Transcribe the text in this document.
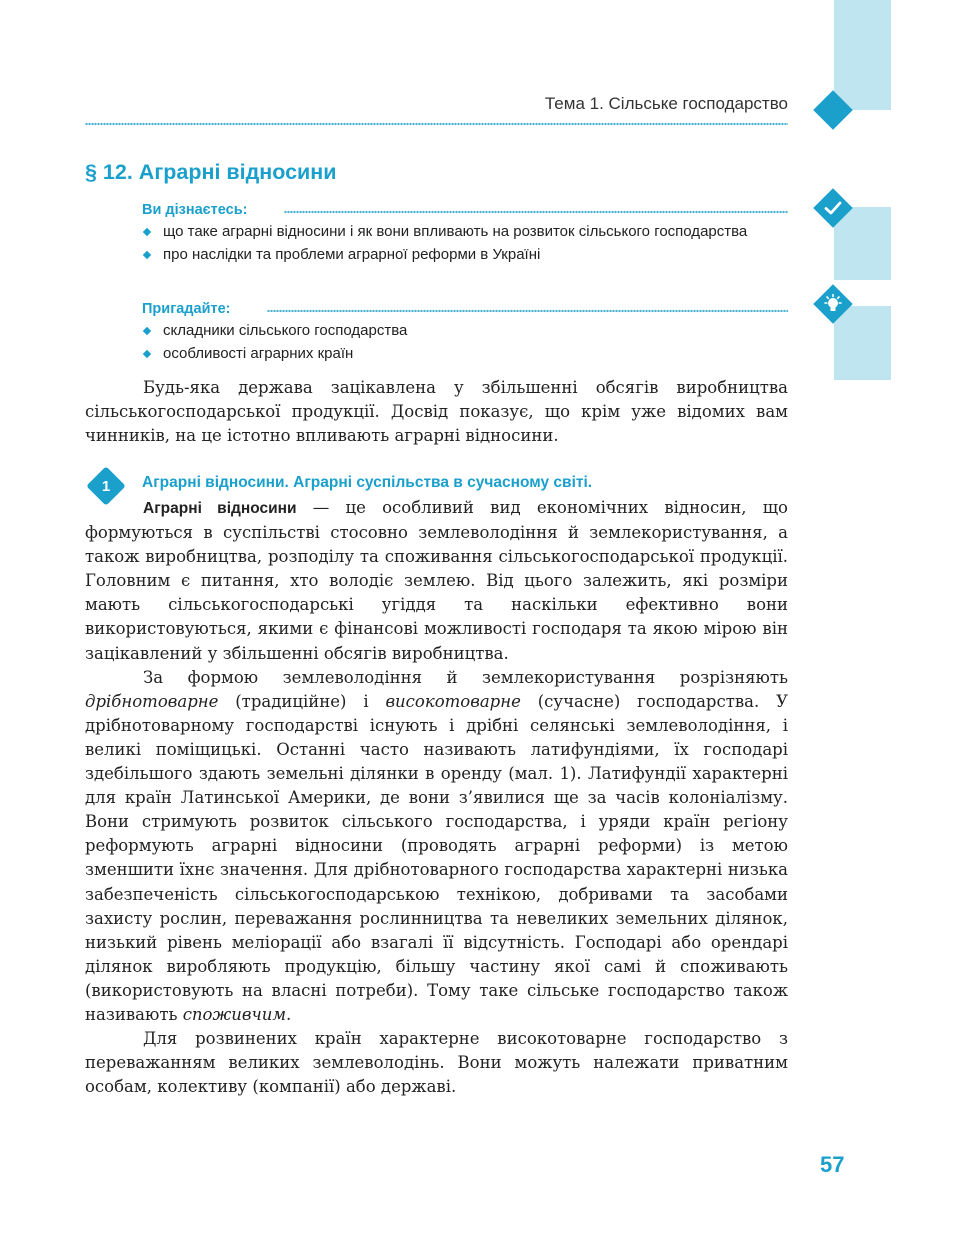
Тема 1. Сільське господарство
§ 12. Аграрні відносини
Ви дізнаєтесь:
що таке аграрні відносини і як вони впливають на розвиток сільського господарства
про наслідки та проблеми аграрної реформи в Україні
Пригадайте:
складники сільського господарства
особливості аграрних країн

Будь-яка держава зацікавлена у збільшенні обсягів виробництва сільськогосподарської продукції. Досвід показує, що крім уже відомих вам чинників, на це істотно впливають аграрні відносини.

1	Аграрні відносини. Аграрні суспільства в сучасному світі.

Аграрні відносини — це особливий вид економічних відносин, що формуються в суспільстві стосовно землеволодіння й землекористування, а також виробництва, розподілу та споживання сільськогосподарської продукції. Головним є питання, хто володіє землею. Від цього залежить, які розміри мають сільськогосподарські угіддя та наскільки ефективно вони використовуються, якими є фінансові можливості господаря та якою мірою він зацікавлений у збільшенні обсягів виробництва.

За формою землеволодіння й землекористування розрізняють дрібнотоварне (традиційне) і високотоварне (сучасне) господарства. У дрібнотоварному господарстві існують і дрібні селянські землеволодіння, і великі поміщицькі. Останні часто називають латифундіями, їх господарі здебільшого здають земельні ділянки в оренду (мал. 1). Латифундії характерні для країн Латинської Америки, де вони з’явилися ще за часів колоніалізму. Вони стримують розвиток сільського господарства, і уряди країн регіону реформують аграрні відносини (проводять аграрні реформи) із метою зменшити їхнє значення. Для дрібнотоварного господарства характерні низька забезпеченість сільськогосподарською технікою, добривами та засобами захисту рослин, переважання рослинництва та невеликих земельних ділянок, низький рівень меліорації або взагалі її відсутність. Господарі або орендарі ділянок виробляють продукцію, більшу частину якої самі й споживають (використовують на власні потреби). Тому таке сільське господарство також називають споживчим.

Для розвинених країн характерне високотоварне господарство з переважанням великих землеволодінь. Вони можуть належати приватним особам, колективу (компанії) або державі.

57
